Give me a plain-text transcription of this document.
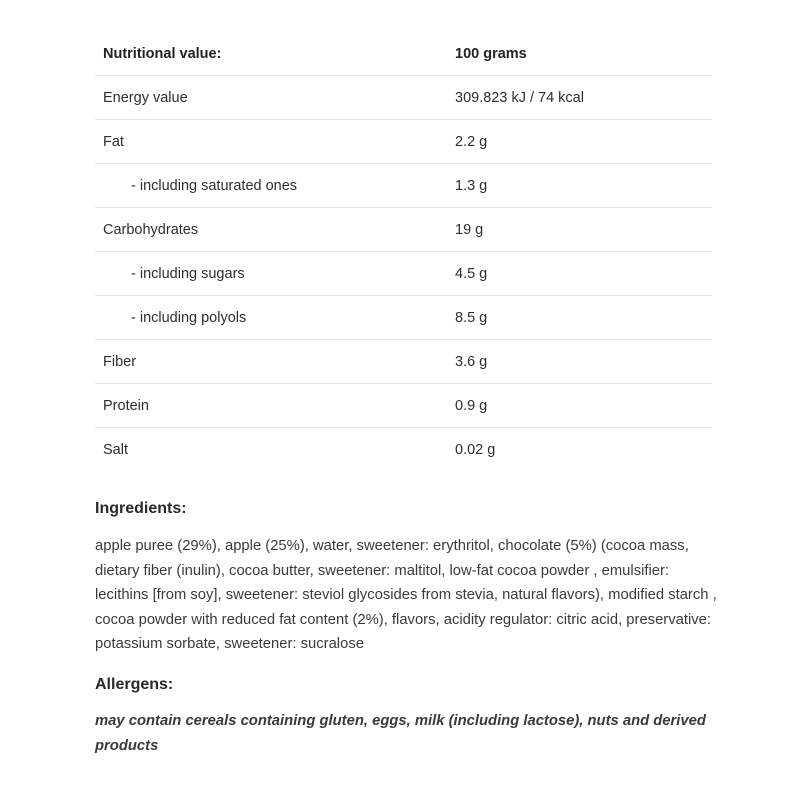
Nutritional value:	100 grams
Energy value	309.823 kJ / 74 kcal
Fat	2.2 g
- including saturated ones	1.3 g
Carbohydrates	19 g
- including sugars	4.5 g
- including polyols	8.5 g
Fiber	3.6 g
Protein	0.9 g
Salt	0.02 g
Ingredients:

apple puree (29%), apple (25%), water, sweetener: erythritol, chocolate (5%) (cocoa mass, dietary fiber (inulin), cocoa butter, sweetener: maltitol, low-fat cocoa powder , emulsifier: lecithins [from soy], sweetener: steviol glycosides from stevia, natural flavors), modified starch , cocoa powder with reduced fat content (2%), flavors, acidity regulator: citric acid, preservative: potassium sorbate, sweetener: sucralose

Allergens:

may contain cereals containing gluten, eggs, milk (including lactose), nuts and derived products
